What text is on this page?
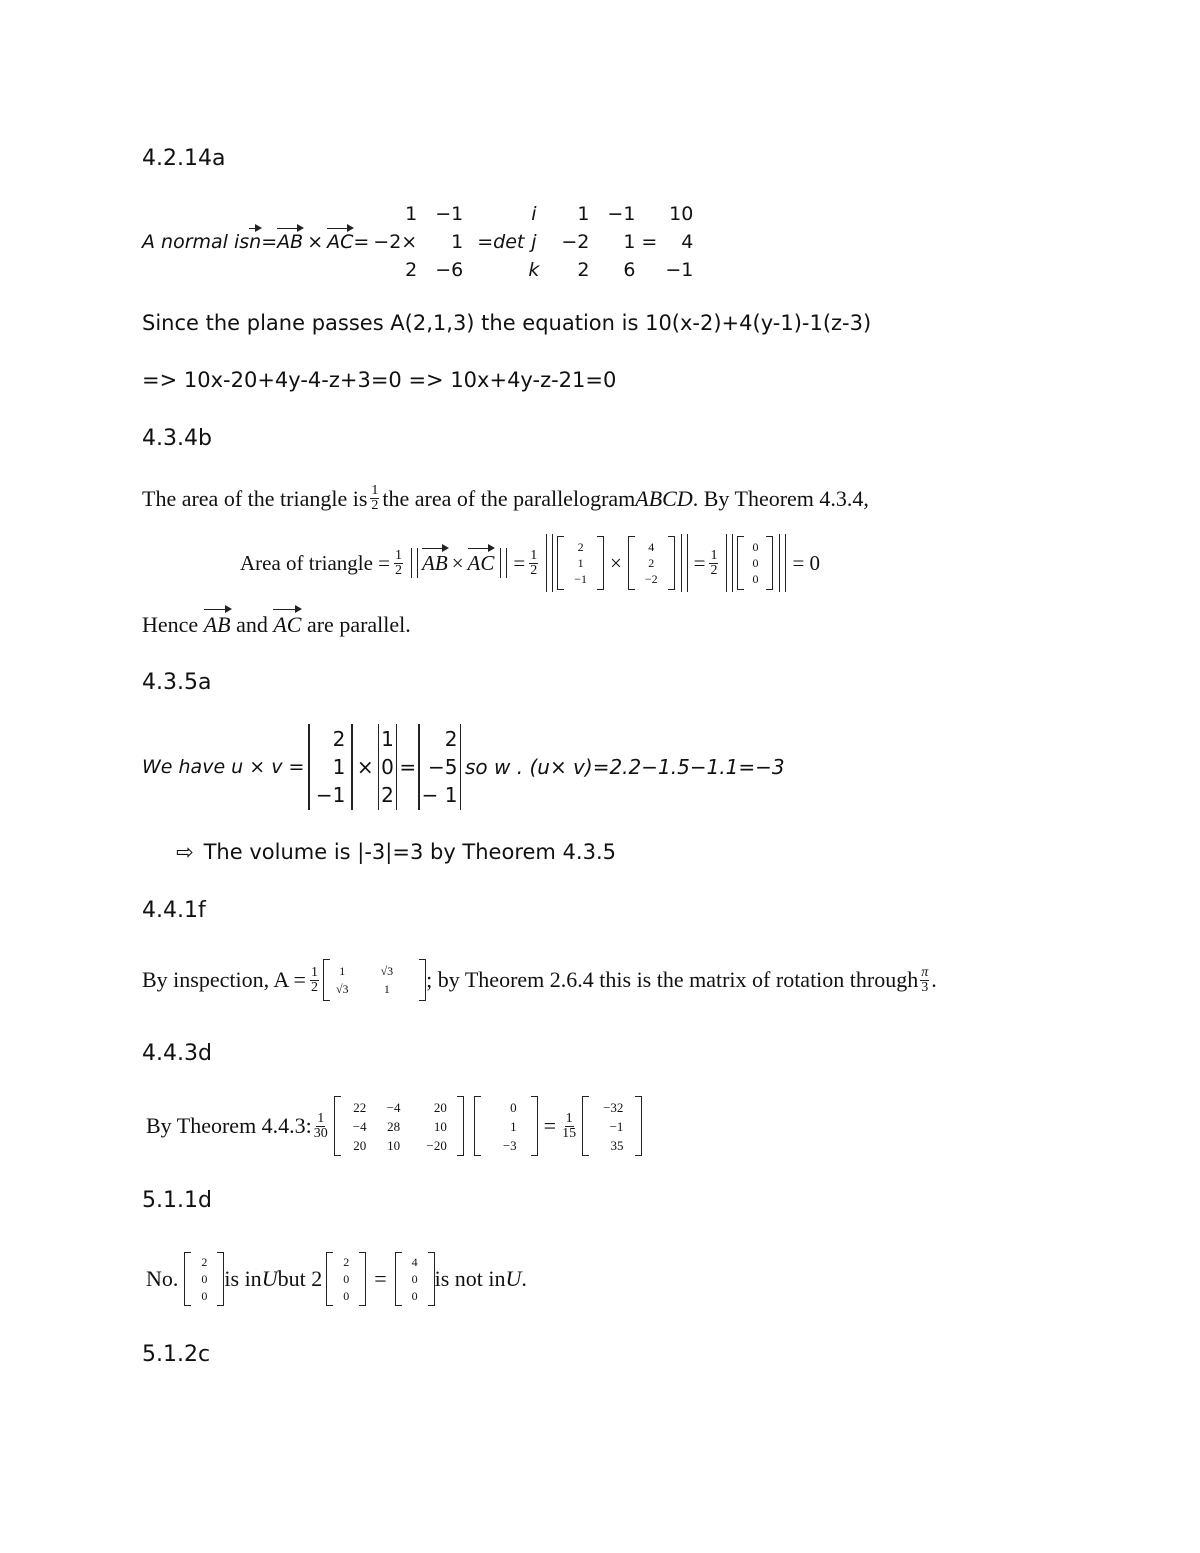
4.2.14a
A normal is n = AB × AC =
1
−2×
2
−1
1
−6
=det
i
j
k
1
−2
2
−1
1
6
=
10
4
−1
Since the plane passes A(2,1,3) the equation is 10(x-2)+4(y-1)-1(z-3)
=> 10x-20+4y-4-z+3=0 => 10x+4y-z-21=0
4.3.4b
The area of the triangle is $\frac{1}{2}$ the area of the parallelogram ABCD . By Theorem 4.3.4,
Area of triangle = $\frac{1}{2}$ AB × AC = $\frac{1}{2}$
2
1
−1
×
4
2
−2
= $\frac{1}{2}$
0
0
0
= 0
Hence AB and AC are parallel.
4.3.5a
We have u × v =
2
1
−1
×
1
0
2
=
2
−5
− 1
so w . (u× v)=2.2−1.5−1.1=−3
⇨ The volume is |-3|=3 by Theorem 4.3.5
4.4.1f
By inspection, $A = \frac{1}{2} 1$
√3
√3
1 ; by Theorem 2.6.4 this is the matrix of rotation through $\frac{\pi}{3}$ .
4.4.3d
By Theorem 4.4.3: $\frac{1}{30}$
22
−4
20
−4
28
10
20
10
−20
0
1
−3
= $\frac{1}{15}$
−32
−1
35
5.1.1d
No.
2
0
0
is in U but 2
2
0
0
=
4
0
0
is not in U .
5.1.2c
